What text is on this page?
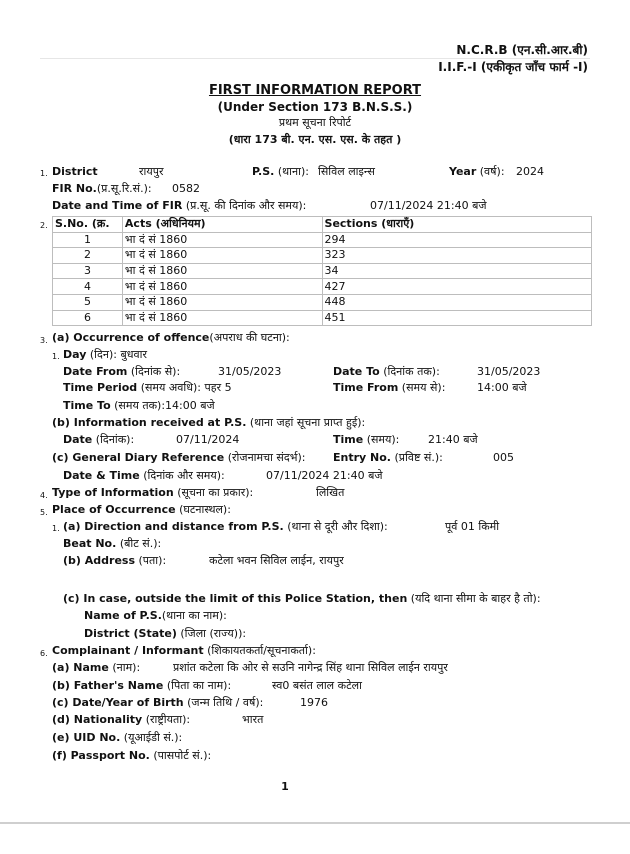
N.C.R.B (एन.सी.आर.बी)
I.I.F.-I (एकीकृत जाँच फार्म -I)
FIRST INFORMATION REPORT
(Under Section 173 B.N.S.S.)
प्रथम सूचना रिपोर्ट
(धारा 173 बी. एन. एस. एस. के तहत )
1. District	रायपुर	P.S. (थाना): सिविल लाइन्स	Year (वर्ष): 2024
FIR No.(प्र.सू.रि.सं.): 0582
Date and Time of FIR (प्र.सू. की दिनांक और समय):	07/11/2024 21:40 बजे
2. S.No. (क्र.	Acts (अधिनियम)	Sections (धाराएँ)
1	भा दं सं 1860	294
2	भा दं सं 1860	323
3	भा दं सं 1860	34
4	भा दं सं 1860	427
5	भा दं सं 1860	448
6	भा दं सं 1860	451
3. (a) Occurrence of offence(अपराध की घटना):
1. Day (दिन): बुधवार
Date From (दिनांक से):	31/05/2023	Date To (दिनांक तक):	31/05/2023
Time Period (समय अवधि): पहर 5	Time From (समय से):	14:00 बजे
Time To (समय तक):14:00 बजे
(b) Information received at P.S. (थाना जहां सूचना प्राप्त हुई):
Date (दिनांक):	07/11/2024	Time (समय):	21:40 बजे
(c) General Diary Reference (रोजनामचा संदर्भ):	Entry No. (प्रविष्ट सं.):	005
Date & Time (दिनांक और समय):	07/11/2024 21:40 बजे
4. Type of Information (सूचना का प्रकार):	लिखित
5. Place of Occurrence (घटनास्थल):
1. (a) Direction and distance from P.S. (थाना से दूरी और दिशा):	पूर्व 01 किमी
Beat No. (बीट सं.):
(b) Address (पता):	कटेला भवन सिविल लाईन, रायपुर
(c) In case, outside the limit of this Police Station, then (यदि थाना सीमा के बाहर है तो):
Name of P.S.(थाना का नाम):
District (State) (जिला (राज्य)):
6. Complainant / Informant (शिकायतकर्ता/सूचनाकर्ता):
(a) Name (नाम):	प्रशांत कटेला कि ओर से सउनि नागेन्द्र सिंह थाना सिविल लाईन रायपुर
(b) Father's Name (पिता का नाम):	स्व0 बसंत लाल कटेला
(c) Date/Year of Birth (जन्म तिथि / वर्ष):	1976
(d) Nationality (राष्ट्रीयता):	भारत
(e) UID No. (यूआईडी सं.):
(f) Passport No. (पासपोर्ट सं.):
1
